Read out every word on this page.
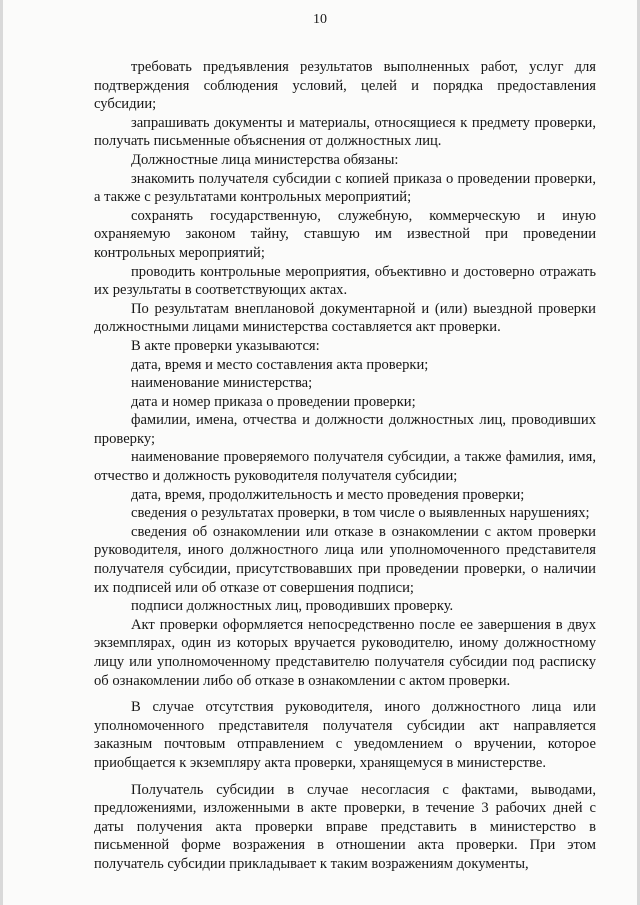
10

требовать предъявления результатов выполненных работ, услуг для подтверждения соблюдения условий, целей и порядка предоставления субсидии;

запрашивать документы и материалы, относящиеся к предмету проверки, получать письменные объяснения от должностных лиц.

Должностные лица министерства обязаны:

знакомить получателя субсидии с копией приказа о проведении проверки, а также с результатами контрольных мероприятий;

сохранять государственную, служебную, коммерческую и иную охраняемую законом тайну, ставшую им известной при проведении контрольных мероприятий;

проводить контрольные мероприятия, объективно и достоверно отражать их результаты в соответствующих актах.

По результатам внеплановой документарной и (или) выездной проверки должностными лицами министерства составляется акт проверки.

В акте проверки указываются:

дата, время и место составления акта проверки;

наименование министерства;

дата и номер приказа о проведении проверки;

фамилии, имена, отчества и должности должностных лиц, проводивших проверку;

наименование проверяемого получателя субсидии, а также фамилия, имя, отчество и должность руководителя получателя субсидии;

дата, время, продолжительность и место проведения проверки;

сведения о результатах проверки, в том числе о выявленных нарушениях;

сведения об ознакомлении или отказе в ознакомлении с актом проверки руководителя, иного должностного лица или уполномоченного представителя получателя субсидии, присутствовавших при проведении проверки, о наличии их подписей или об отказе от совершения подписи;

подписи должностных лиц, проводивших проверку.

Акт проверки оформляется непосредственно после ее завершения в двух экземплярах, один из которых вручается руководителю, иному должностному лицу или уполномоченному представителю получателя субсидии под расписку об ознакомлении либо об отказе в ознакомлении с актом проверки.

В случае отсутствия руководителя, иного должностного лица или уполномоченного представителя получателя субсидии акт направляется заказным почтовым отправлением с уведомлением о вручении, которое приобщается к экземпляру акта проверки, хранящемуся в министерстве.

Получатель субсидии в случае несогласия с фактами, выводами, предложениями, изложенными в акте проверки, в течение 3 рабочих дней с даты получения акта проверки вправе представить в министерство в письменной форме возражения в отношении акта проверки. При этом получатель субсидии прикладывает к таким возражениям документы,
